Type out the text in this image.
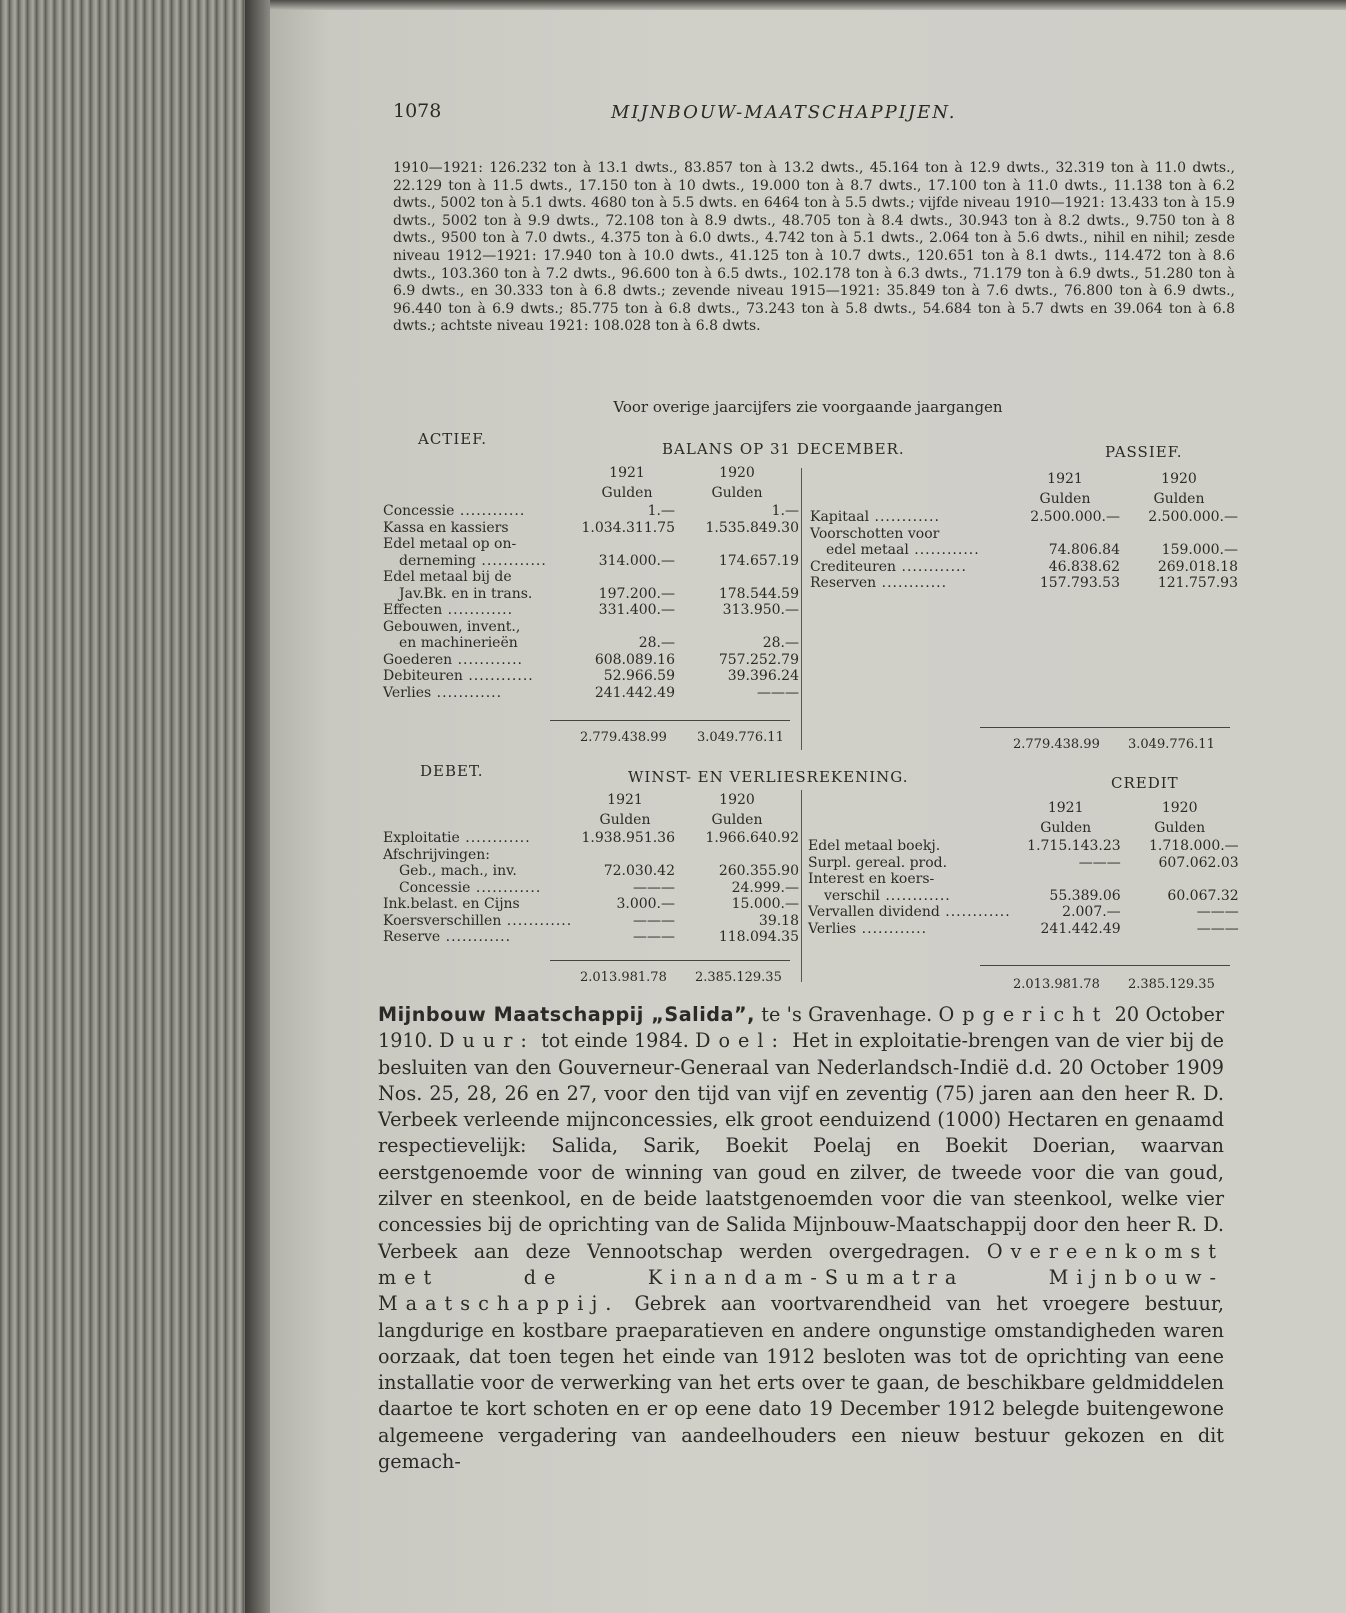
1078	MIJNBOUW-MAATSCHAPPIJEN.
1910—1921: 126.232 ton à 13.1 dwts., 83.857 ton à 13.2 dwts., 45.164 ton à 12.9 dwts., 32.319 ton à 11.0 dwts., 22.129 ton à 11.5 dwts., 17.150 ton à 10 dwts., 19.000 ton à 8.7 dwts., 17.100 ton à 11.0 dwts., 11.138 ton à 6.2 dwts., 5002 ton à 5.1 dwts. 4680 ton à 5.5 dwts. en 6464 ton à 5.5 dwts.; vijfde niveau 1910—1921: 13.433 ton à 15.9 dwts., 5002 ton à 9.9 dwts., 72.108 ton à 8.9 dwts., 48.705 ton à 8.4 dwts., 30.943 ton à 8.2 dwts., 9.750 ton à 8 dwts., 9500 ton à 7.0 dwts., 4.375 ton à 6.0 dwts., 4.742 ton à 5.1 dwts., 2.064 ton à 5.6 dwts., nihil en nihil; zesde niveau 1912—1921: 17.940 ton à 10.0 dwts., 41.125 ton à 10.7 dwts., 120.651 ton à 8.1 dwts., 114.472 ton à 8.6 dwts., 103.360 ton à 7.2 dwts., 96.600 ton à 6.5 dwts., 102.178 ton à 6.3 dwts., 71.179 ton à 6.9 dwts., 51.280 ton à 6.9 dwts., en 30.333 ton à 6.8 dwts.; zevende niveau 1915—1921: 35.849 ton à 7.6 dwts., 76.800 ton à 6.9 dwts., 96.440 ton à 6.9 dwts.; 85.775 ton à 6.8 dwts., 73.243 ton à 5.8 dwts., 54.684 ton à 5.7 dwts en 39.064 ton à 6.8 dwts.; achtste niveau 1921: 108.028 ton à 6.8 dwts.
Voor overige jaarcijfers zie voorgaande jaargangen
ACTIEF.
BALANS OP 31 DECEMBER.	PASSIEF.
	1921	1920
	Gulden	Gulden
Concessie .....	1.—	1.—
Kassa en kassiers	1.034.311.75	1.535.849.30
Edel metaal op on-		
derneming .....	314.000.—	174.657.19
Edel metaal bij de		
Jav.Bk. en in trans.	197.200.—	178.544.59
Effecten .....	331.400.—	313.950.—
Gebouwen, invent.,		
en machinerieën	28.—	28.—
Goederen .....	608.089.16	757.252.79
Debiteuren .....	52.966.59	39.396.24
Verlies .....	241.442.49	———
	1921	1920
	Gulden	Gulden
Kapitaal .....	2.500.000.—	2.500.000.—
Voorschotten voor		
edel metaal .....	74.806.84	159.000.—
Crediteuren .....	46.838.62	269.018.18
Reserven .....	157.793.53	121.757.93
2.779.438.99 3.049.776.11	2.779.438.99 3.049.776.11
DEBET.	WINST- EN VERLIESREKENING.	CREDIT
	1921	1920
	Gulden	Gulden
Exploitatie .....	1.938.951.36	1.966.640.92
Afschrijvingen:		
Geb., mach., inv.	72.030.42	260.355.90
Concessie .....	———	24.999.—
Ink.belast. en Cijns	3.000.—	15.000.—
Koersverschillen .....	———	39.18
Reserve .....	———	118.094.35
	1921	1920
	Gulden	Gulden
Edel metaal boekj.	1.715.143.23	1.718.000.—
Surpl. gereal. prod.	———	607.062.03
Interest en koers-		
verschil .....	55.389.06	60.067.32
Vervallen dividend .....	2.007.—	———
Verlies .....	241.442.49	———
2.013.981.78 2.385.129.35	2.013.981.78 2.385.129.35
Mijnbouw Maatschappij „Salida”, te 's Gravenhage. Opgericht 20 October 1910. Duur: tot einde 1984. Doel: Het in exploitatie-brengen van de vier bij de besluiten van den Gouverneur-Generaal van Nederlandsch-Indië d.d. 20 October 1909 Nos. 25, 28, 26 en 27, voor den tijd van vijf en zeventig (75) jaren aan den heer R. D. Verbeek verleende mijnconcessies, elk groot eenduizend (1000) Hectaren en genaamd respectievelijk: Salida, Sarik, Boekit Poelaj en Boekit Doerian, waarvan eerstgenoemde voor de winning van goud en zilver, de tweede voor die van goud, zilver en steenkool, en de beide laatstgenoemden voor die van steenkool, welke vier concessies bij de oprichting van de Salida Mijnbouw-Maatschappij door den heer R. D. Verbeek aan deze Vennootschap werden overgedragen. Overeenkomst met de Kinandam-Sumatra Mijnbouw-Maatschappij. Gebrek aan voortvarendheid van het vroegere bestuur, langdurige en kostbare praeparatieven en andere ongunstige omstandigheden waren oorzaak, dat toen tegen het einde van 1912 besloten was tot de oprichting van eene installatie voor de verwerking van het erts over te gaan, de beschikbare geldmiddelen daartoe te kort schoten en er op eene dato 19 December 1912 belegde buitengewone algemeene vergadering van aandeelhouders een nieuw bestuur gekozen en dit gemach-
